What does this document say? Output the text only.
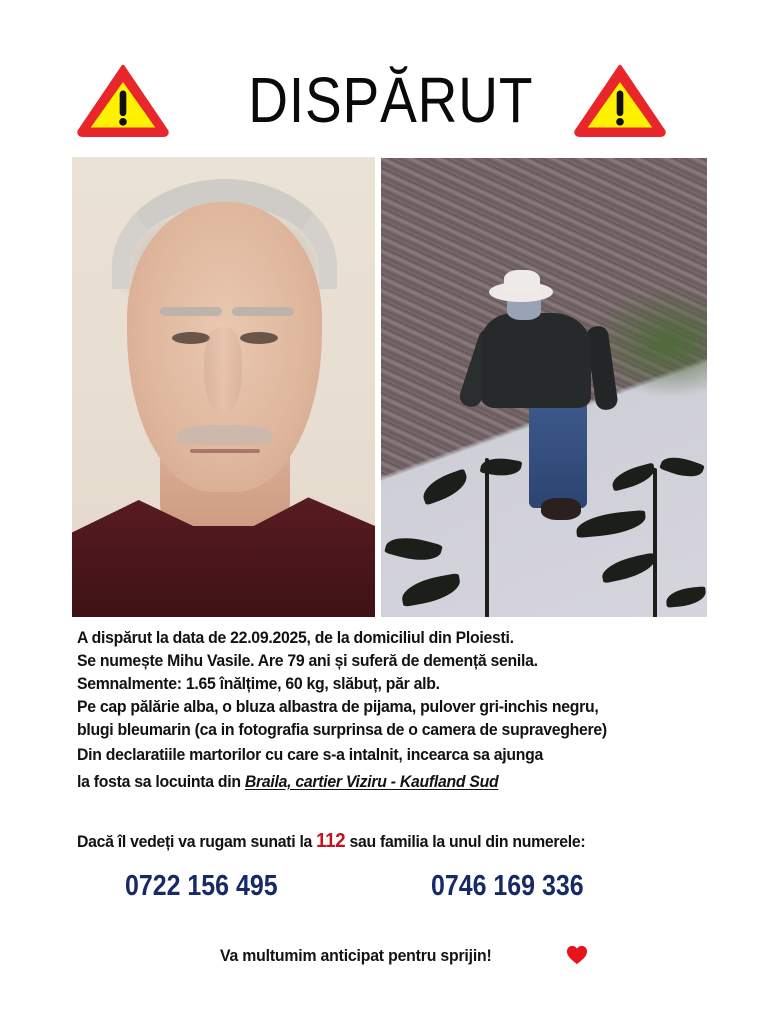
DISPĂRUT
A dispărut la data de 22.09.2025, de la domiciliul din Ploiesti.
Se numește Mihu Vasile. Are 79 ani și suferă de demență senila.
Semnalmente: 1.65 înălțime, 60 kg, slăbuț, păr alb.
Pe cap pălărie alba, o bluza albastra de pijama, pulover gri-inchis negru,
blugi bleumarin (ca in fotografia surprinsa de o camera de supraveghere)
Din declaratiile martorilor cu care s-a intalnit, incearca sa ajunga
la fosta sa locuinta din Braila, cartier Viziru - Kaufland Sud
Dacă îl vedeți va rugam sunati la 112 sau familia la unul din numerele:
0722 156 495	0746 169 336
Va multumim anticipat pentru sprijin!
